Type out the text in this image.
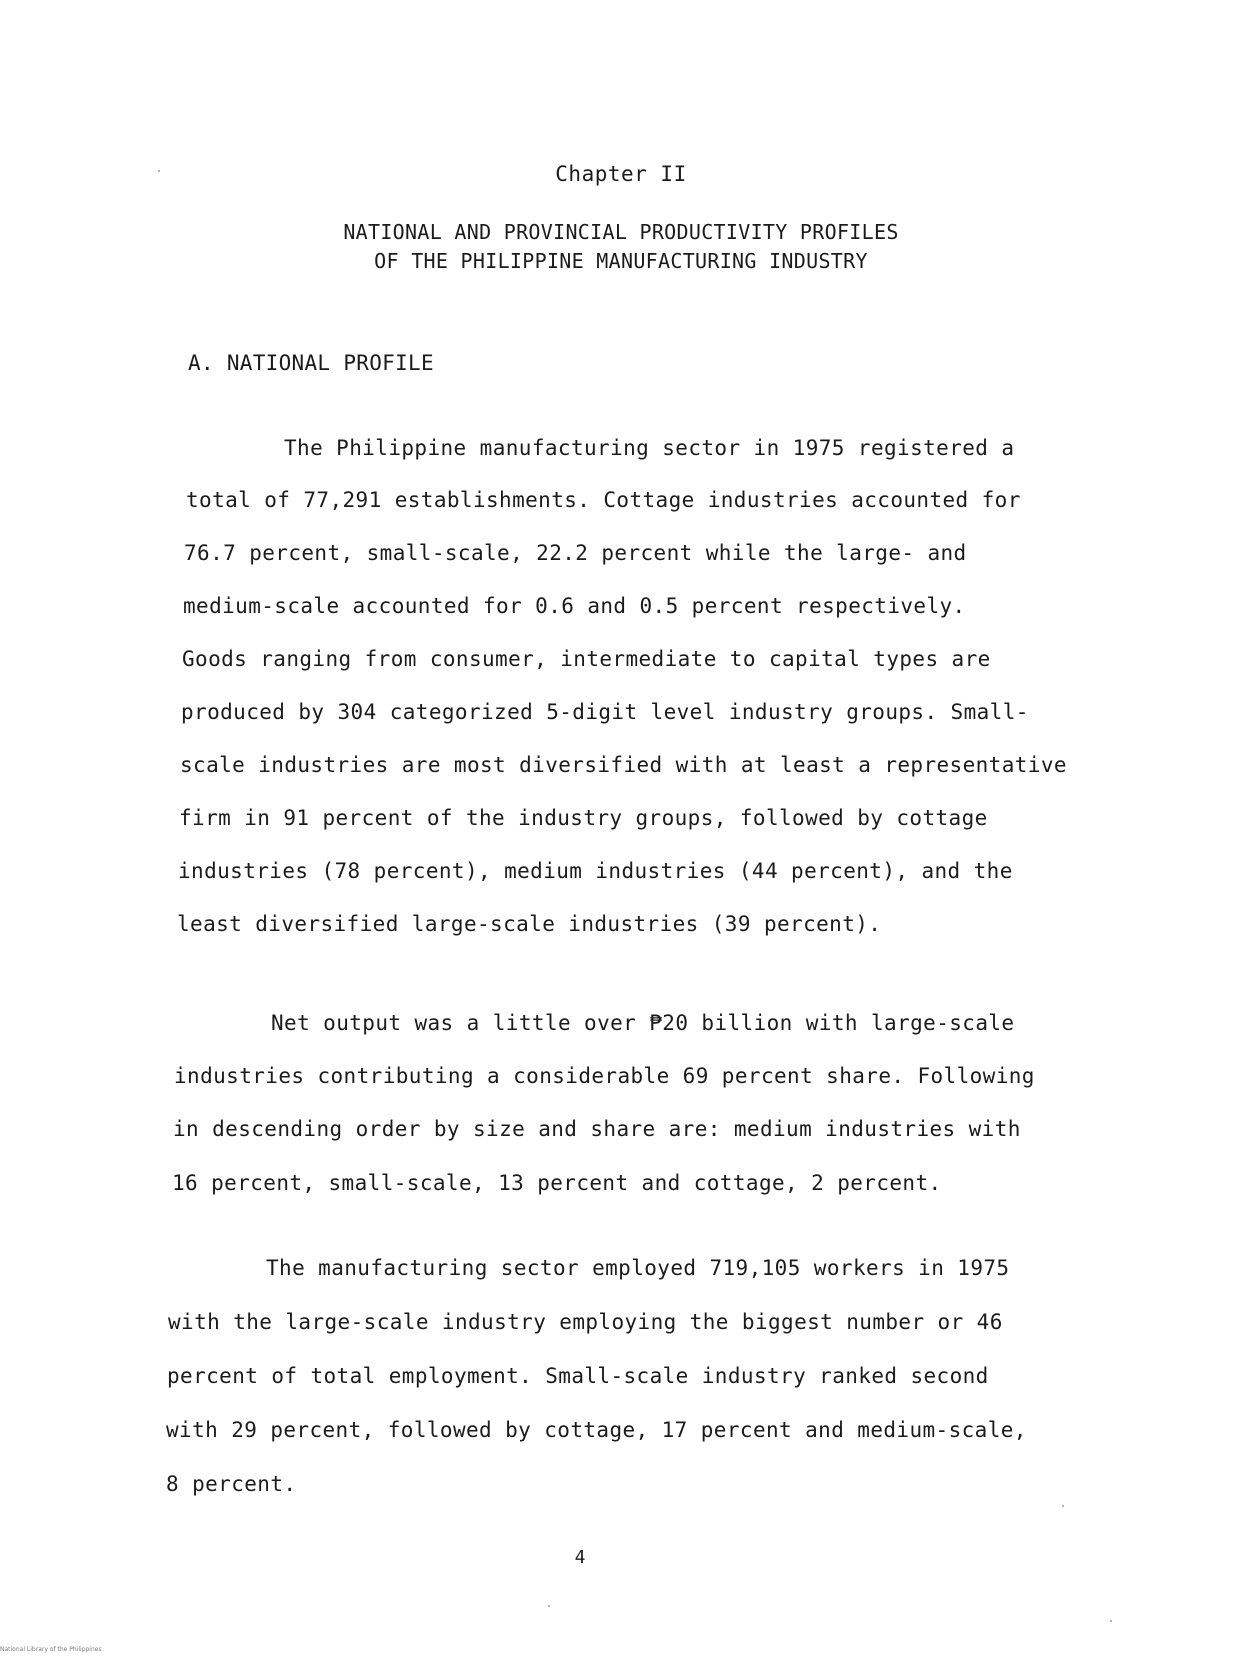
Chapter II
NATIONAL AND PROVINCIAL PRODUCTIVITY PROFILES
OF THE PHILIPPINE MANUFACTURING INDUSTRY
A. NATIONAL PROFILE
The Philippine manufacturing sector in 1975 registered a
total of 77,291 establishments. Cottage industries accounted for
76.7 percent, small-scale, 22.2 percent while the large- and
medium-scale accounted for 0.6 and 0.5 percent respectively.
Goods ranging from consumer, intermediate to capital types are
produced by 304 categorized 5-digit level industry groups. Small-
scale industries are most diversified with at least a representative
firm in 91 percent of the industry groups, followed by cottage
industries (78 percent), medium industries (44 percent), and the
least diversified large-scale industries (39 percent).
Net output was a little over ₱20 billion with large-scale
industries contributing a considerable 69 percent share. Following
in descending order by size and share are: medium industries with
16 percent, small-scale, 13 percent and cottage, 2 percent.
The manufacturing sector employed 719,105 workers in 1975
with the large-scale industry employing the biggest number or 46
percent of total employment. Small-scale industry ranked second
with 29 percent, followed by cottage, 17 percent and medium-scale,
8 percent.
4
National Library of the Philippines
